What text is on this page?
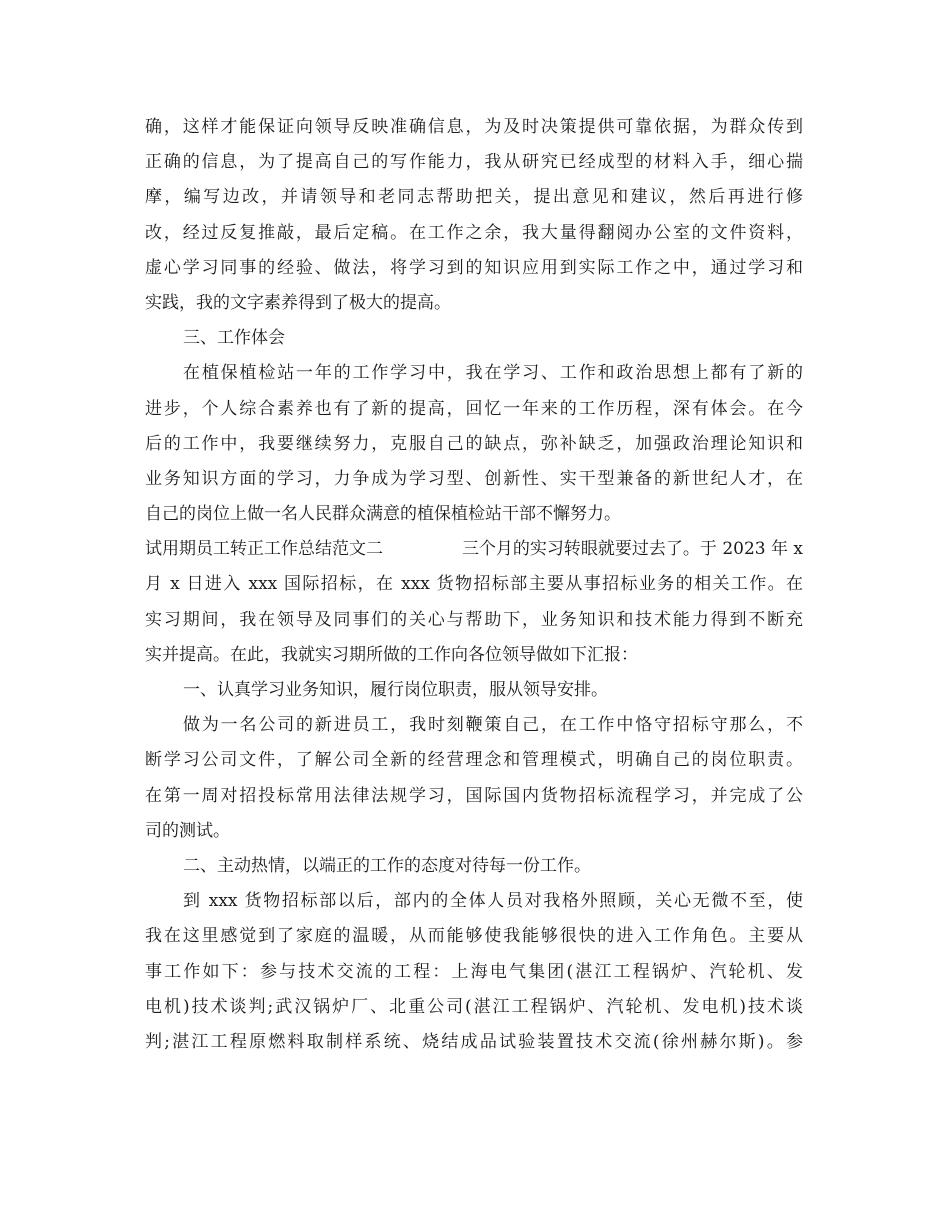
确，这样才能保证向领导反映准确信息，为及时决策提供可靠依据，为群众传到
正确的信息，为了提高自己的写作能力，我从研究已经成型的材料入手，细心揣
摩，编写边改，并请领导和老同志帮助把关，提出意见和建议，然后再进行修
改，经过反复推敲，最后定稿。在工作之余，我大量得翻阅办公室的文件资料，
虚心学习同事的经验、做法，将学习到的知识应用到实际工作之中，通过学习和
实践，我的文字素养得到了极大的提高。
三、工作体会
在植保植检站一年的工作学习中，我在学习、工作和政治思想上都有了新的
进步，个人综合素养也有了新的提高，回忆一年来的工作历程，深有体会。在今
后的工作中，我要继续努力，克服自己的缺点，弥补缺乏，加强政治理论知识和
业务知识方面的学习，力争成为学习型、创新性、实干型兼备的新世纪人才，在
自己的岗位上做一名人民群众满意的植保植检站干部不懈努力。
试用期员工转正工作总结范文二	三个月的实习转眼就要过去了。于 2023 年 x
月 x 日进入 xxx 国际招标，在 xxx 货物招标部主要从事招标业务的相关工作。在
实习期间，我在领导及同事们的关心与帮助下，业务知识和技术能力得到不断充
实并提高。在此，我就实习期所做的工作向各位领导做如下汇报：
一、认真学习业务知识，履行岗位职责，服从领导安排。
做为一名公司的新进员工，我时刻鞭策自己，在工作中恪守招标守那么，不
断学习公司文件，了解公司全新的经营理念和管理模式，明确自己的岗位职责。
在第一周对招投标常用法律法规学习，国际国内货物招标流程学习，并完成了公
司的测试。
二、主动热情，以端正的工作的态度对待每一份工作。
到 xxx 货物招标部以后，部内的全体人员对我格外照顾，关心无微不至，使
我在这里感觉到了家庭的温暖，从而能够使我能够很快的进入工作角色。主要从
事工作如下：参与技术交流的工程：上海电气集团(湛江工程锅炉、汽轮机、发
电机)技术谈判;武汉锅炉厂、北重公司(湛江工程锅炉、汽轮机、发电机)技术谈
判;湛江工程原燃料取制样系统、烧结成品试验装置技术交流(徐州赫尔斯)。参
